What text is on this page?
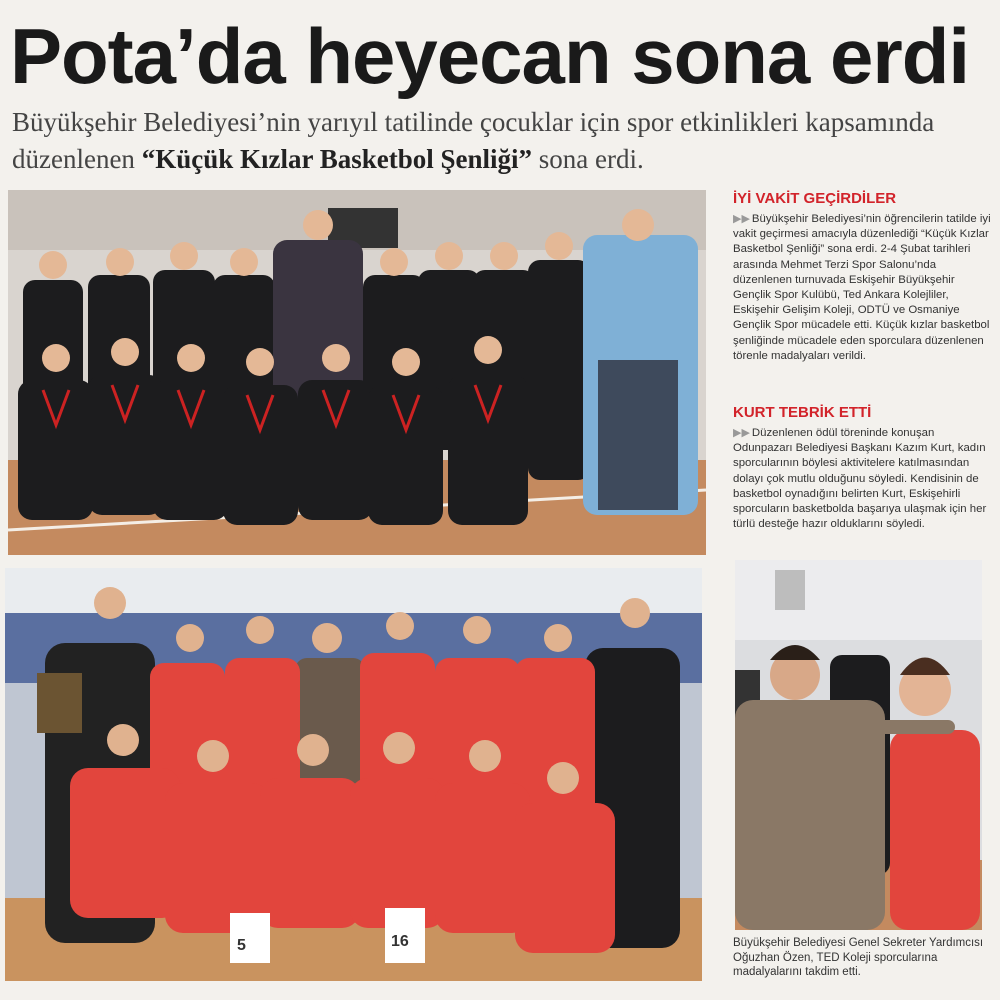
Pota’da heyecan sona erdi
Büyükşehir Belediyesi’nin yarıyıl tatilinde çocuklar için spor etkinlikleri kapsamında düzenlenen “Küçük Kızlar Basketbol Şenliği” sona erdi.
5	16
İYİ VAKİT GEÇİRDİLER

▶▶ Büyükşehir Belediyesi’nin öğrencilerin tatilde iyi vakit geçirmesi amacıyla düzenlediği “Küçük Kızlar Basketbol Şenliği” sona erdi. 2-4 Şubat tarihleri arasında Mehmet Terzi Spor Salonu’nda düzenlenen turnuvada Eskişehir Büyükşehir Gençlik Spor Kulübü, Ted Ankara Kolejliler, Eskişehir Gelişim Koleji, ODTÜ ve Osmaniye Gençlik Spor mücadele etti. Küçük kızlar basketbol şenliğinde mücadele eden sporculara düzenlenen törenle madalyaları verildi.

KURT TEBRİK ETTİ

▶▶ Düzenlenen ödül töreninde konuşan Odunpazarı Belediyesi Başkanı Kazım Kurt, kadın sporcularının böylesi aktivitelere katılmasından dolayı çok mutlu olduğunu söyledi. Kendisinin de basketbol oynadığını belirten Kurt, Eskişehirli sporcuların basketbolda başarıya ulaşmak için her türlü desteğe hazır olduklarını söyledi.

Büyükşehir Belediyesi Genel Sekreter Yardımcısı Oğuzhan Özen, TED Koleji sporcularına madalyalarını takdim etti.
